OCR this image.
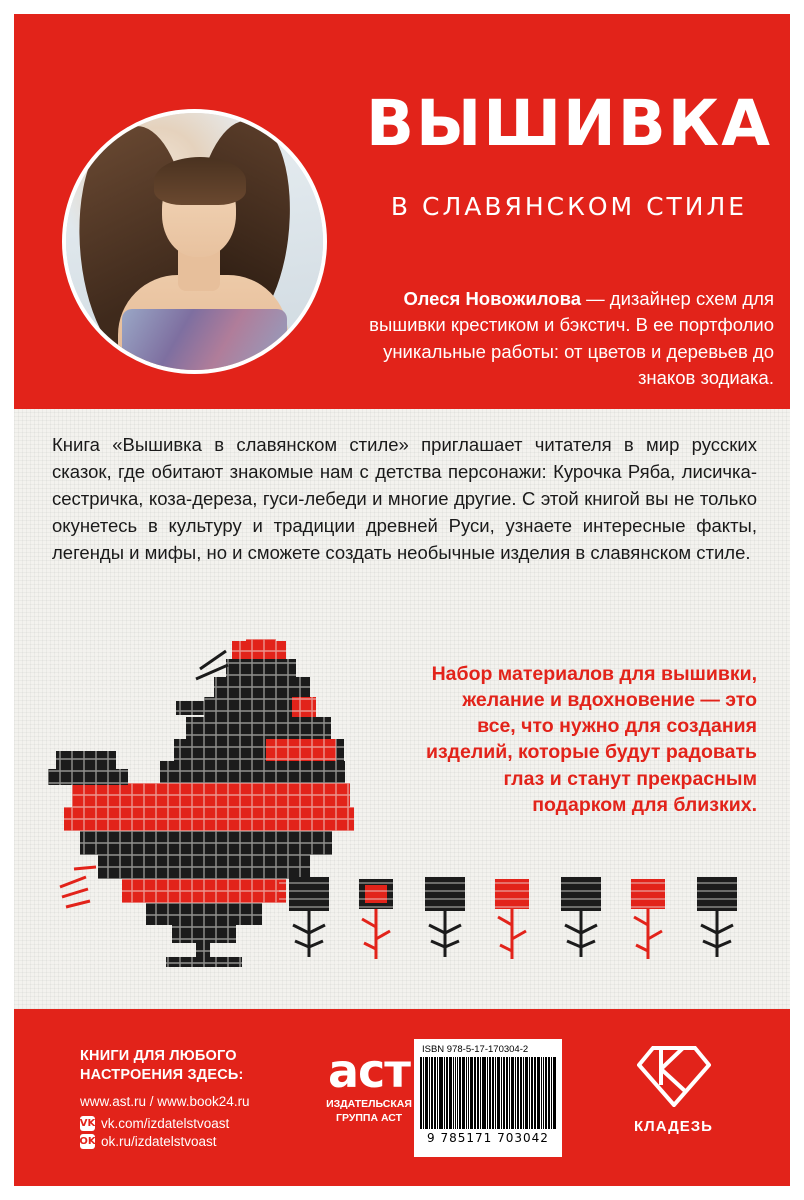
ВЫШИВКА
В СЛАВЯНСКОМ СТИЛЕ
Олеся Новожилова — дизайнер схем для вышивки крестиком и бэкстич. В ее портфолио уникальные работы: от цветов и деревьев до знаков зодиака.
Книга «Вышивка в славянском стиле» приглашает читателя в мир русских сказок, где обитают знакомые нам с детства персонажи: Курочка Ряба, лисичка-сестричка, коза-дереза, гуси-лебеди и многие другие. С этой книгой вы не только окунетесь в культуру и традиции древней Руси, узнаете интересные факты, легенды и мифы, но и сможете создать необычные изделия в славянском стиле.
Набор материалов для вышивки, желание и вдохновение — это все, что нужно для создания изделий, которые будут радовать глаз и станут прекрасным подарком для близких.
КНИГИ ДЛЯ ЛЮБОГО
НАСТРОЕНИЯ ЗДЕСЬ:
www.ast.ru / www.book24.ru
VK vk.com/izdatelstvoast
OK ok.ru/izdatelstvoast
аст
ИЗДАТЕЛЬСКАЯ
ГРУППА АСТ
ISBN 978-5-17-170304-2
9 785171 703042
КЛАДЕЗЬ
